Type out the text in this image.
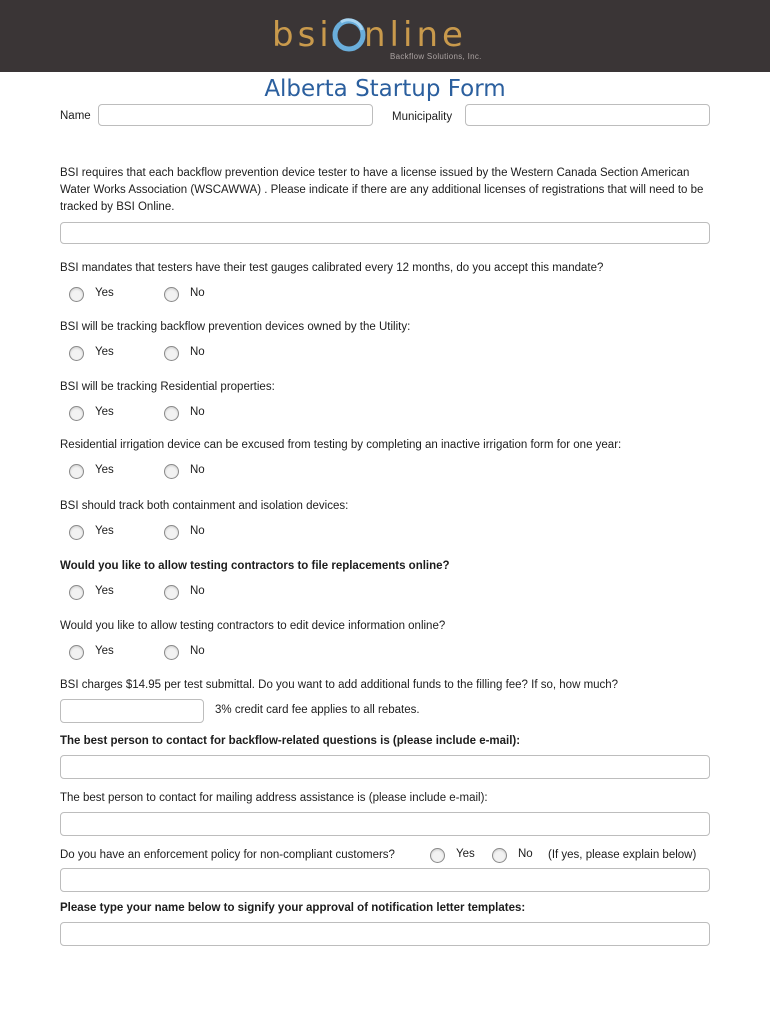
bsi nline
Backflow Solutions, Inc.
Alberta Startup Form
Name	Municipality
BSI requires that each backflow prevention device tester to have a license issued by the Western Canada Section American Water Works Association (WSCAWWA) . Please indicate if there are any additional licenses of registrations that will need to be tracked by BSI Online.
BSI mandates that testers have their test gauges calibrated every 12 months, do you accept this mandate?
Yes	No
BSI will be tracking backflow prevention devices owned by the Utility:
Yes	No
BSI will be tracking Residential properties:
Yes	No
Residential irrigation device can be excused from testing by completing an inactive irrigation form for one year:
Yes	No
BSI should track both containment and isolation devices:
Yes	No
Would you like to allow testing contractors to file replacements online?
Yes	No
Would you like to allow testing contractors to edit device information online?
Yes	No
BSI charges $14.95 per test submittal. Do you want to add additional funds to the filling fee? If so, how much?
3% credit card fee applies to all rebates.
The best person to contact for backflow-related questions is (please include e-mail):
The best person to contact for mailing address assistance is (please include e-mail):
Do you have an enforcement policy for non-compliant customers?	Yes	No (If yes, please explain below)
Please type your name below to signify your approval of notification letter templates:
